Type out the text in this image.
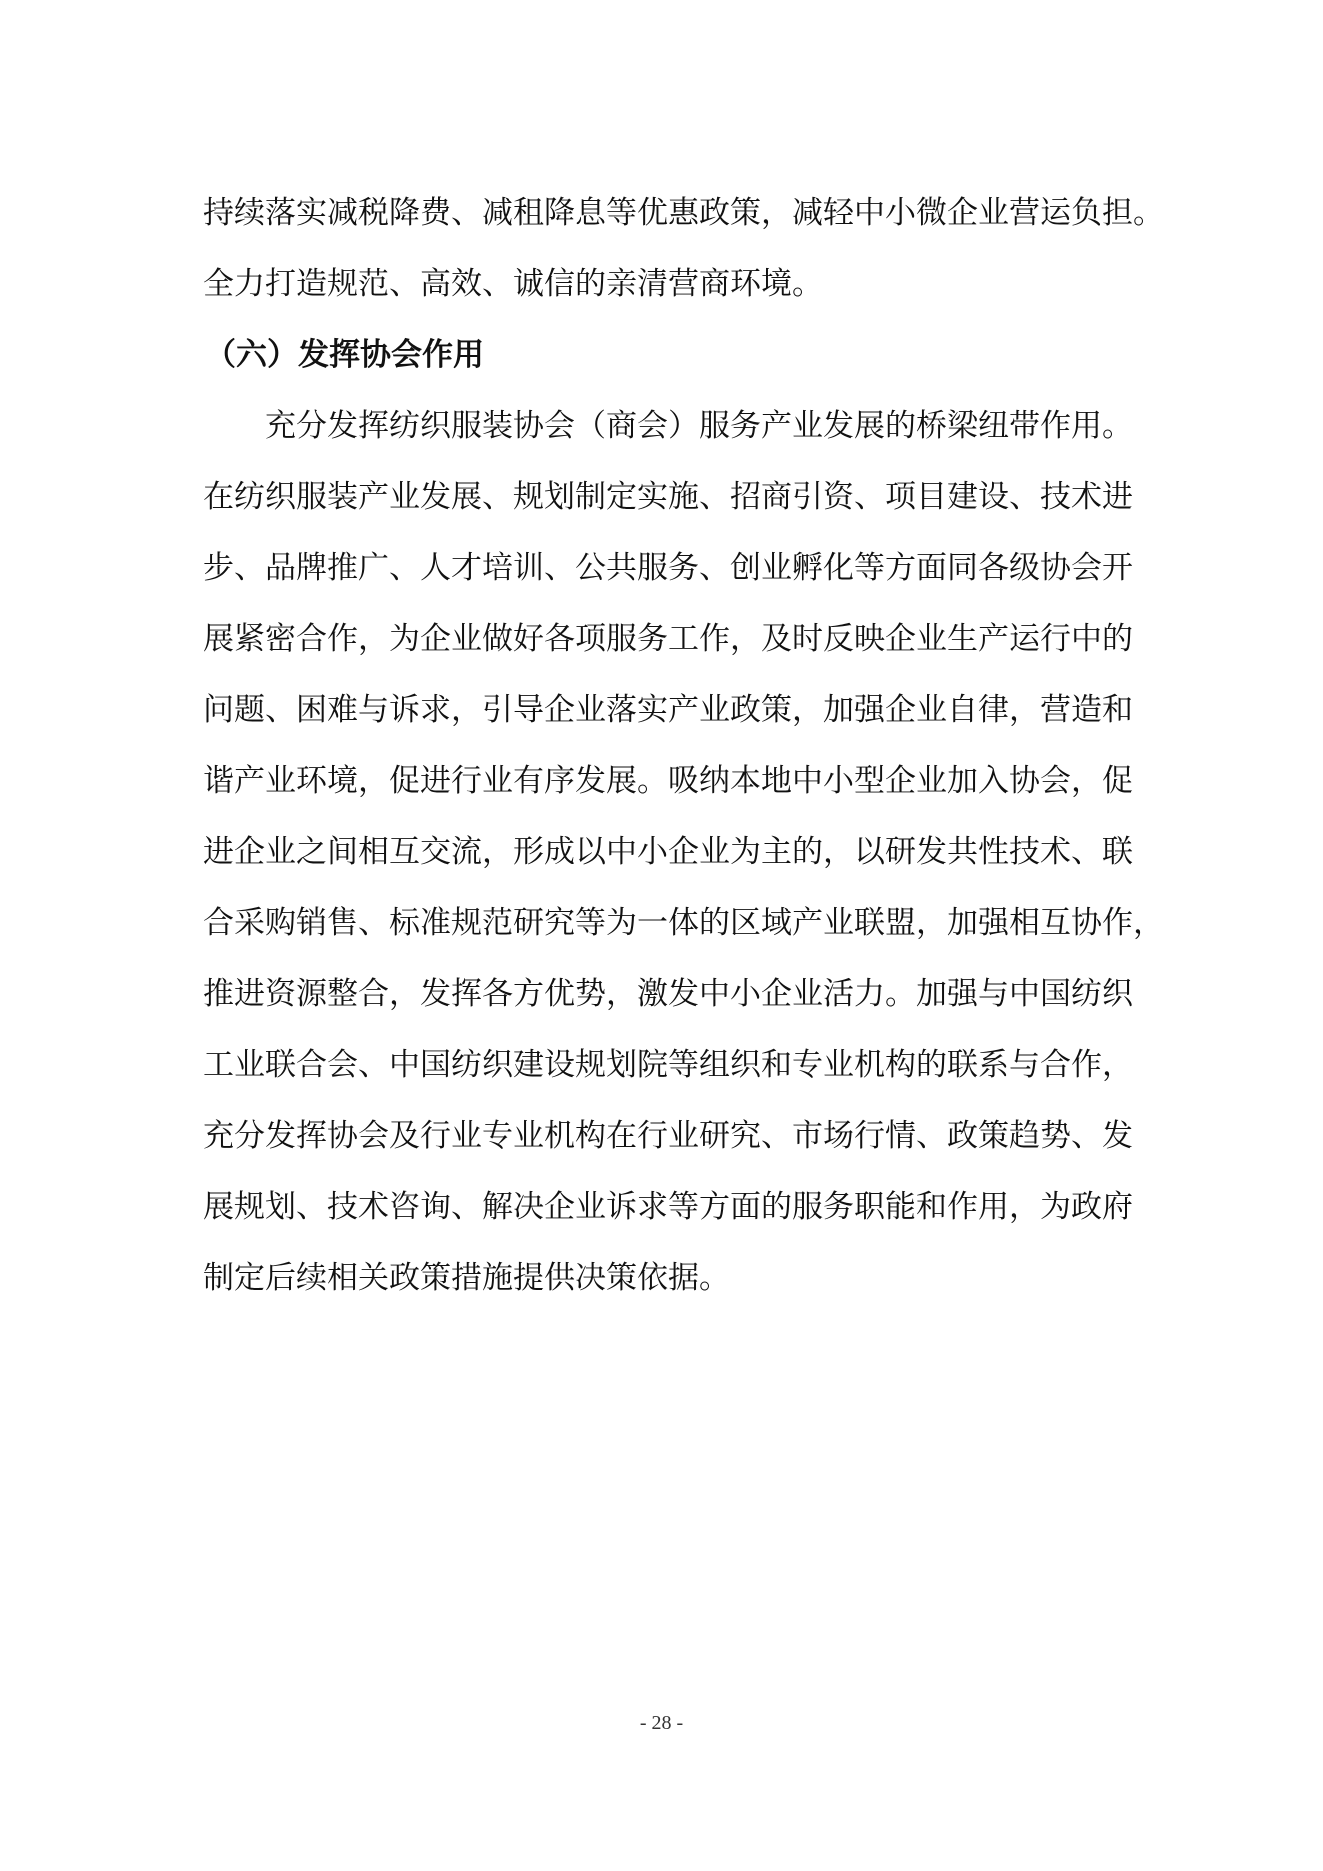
持续落实减税降费、减租降息等优惠政策，减轻中小微企业营运负担。
全力打造规范、高效、诚信的亲清营商环境。
（六）发挥协会作用
充分发挥纺织服装协会（商会）服务产业发展的桥梁纽带作用。
在纺织服装产业发展、规划制定实施、招商引资、项目建设、技术进
步、品牌推广、人才培训、公共服务、创业孵化等方面同各级协会开
展紧密合作，为企业做好各项服务工作，及时反映企业生产运行中的
问题、困难与诉求，引导企业落实产业政策，加强企业自律，营造和
谐产业环境，促进行业有序发展。吸纳本地中小型企业加入协会，促
进企业之间相互交流，形成以中小企业为主的，以研发共性技术、联
合采购销售、标准规范研究等为一体的区域产业联盟，加强相互协作，
推进资源整合，发挥各方优势，激发中小企业活力。加强与中国纺织
工业联合会、中国纺织建设规划院等组织和专业机构的联系与合作，
充分发挥协会及行业专业机构在行业研究、市场行情、政策趋势、发
展规划、技术咨询、解决企业诉求等方面的服务职能和作用，为政府
制定后续相关政策措施提供决策依据。
- 28 -
